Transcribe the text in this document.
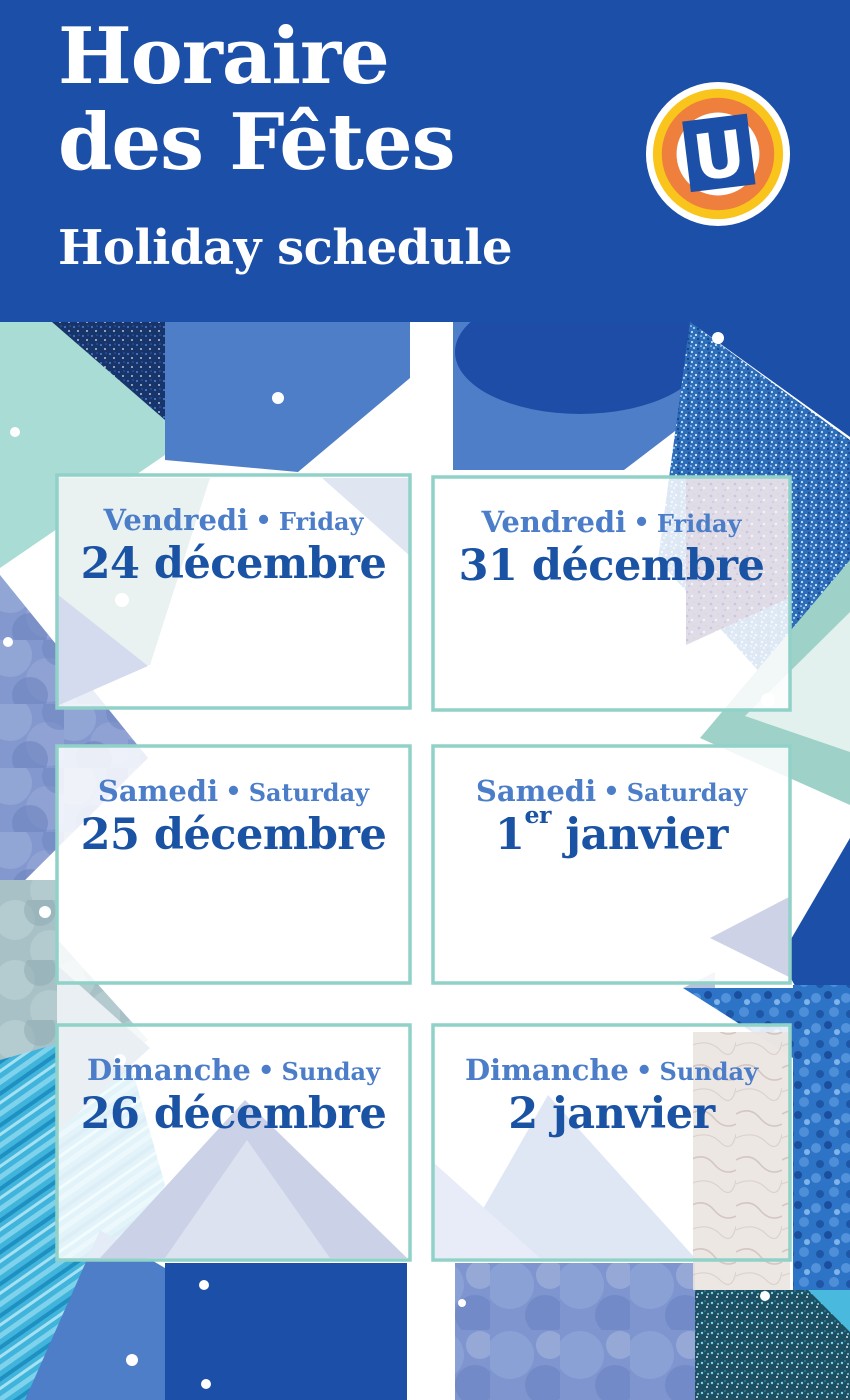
Horaire
des Fêtes
Holiday schedule
U
Vendredi • Friday
24 décembre
Vendredi • Friday
31 décembre
Samedi • Saturday
25 décembre
Samedi • Saturday
1er janvier
Dimanche • Sunday
26 décembre
Dimanche • Sunday
2 janvier
